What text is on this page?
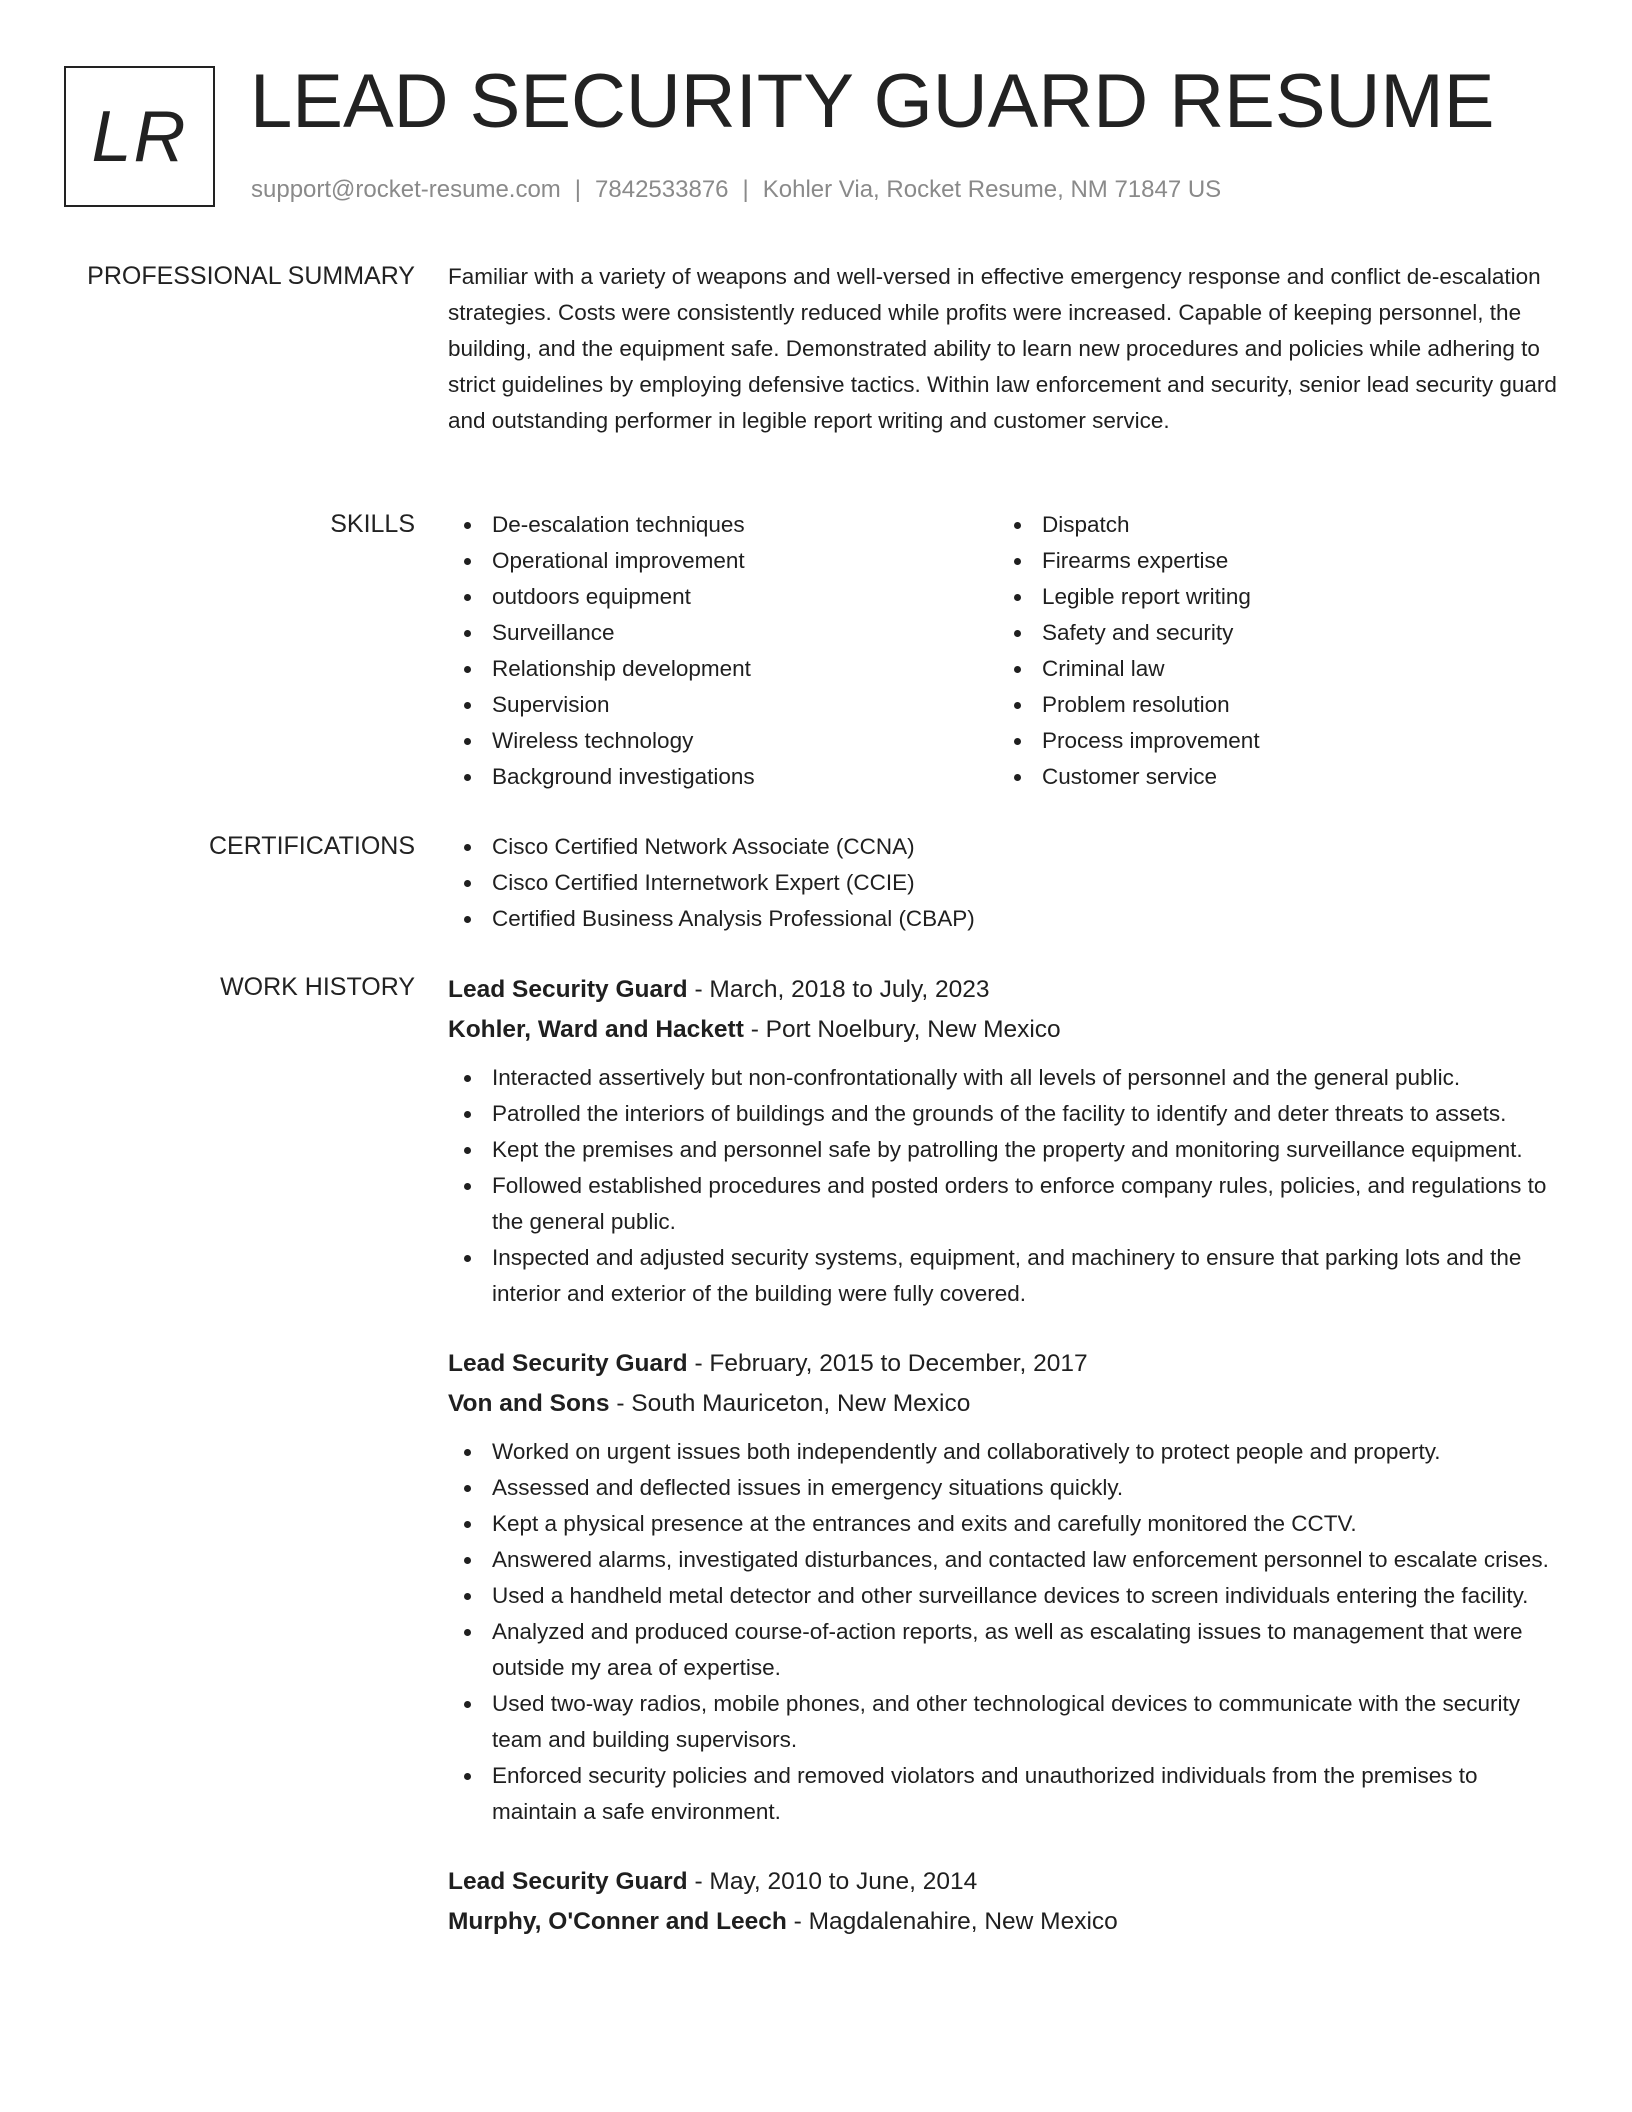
LR LEAD SECURITY GUARD RESUME
support@rocket-resume.com | 7842533876 | Kohler Via, Rocket Resume, NM 71847 US
PROFESSIONAL SUMMARY Familiar with a variety of weapons and well-versed in effective emergency response and conflict de-escalation strategies. Costs were consistently reduced while profits were increased. Capable of keeping personnel, the building, and the equipment safe. Demonstrated ability to learn new procedures and policies while adhering to strict guidelines by employing defensive tactics. Within law enforcement and security, senior lead security guard and outstanding performer in legible report writing and customer service.

SKILLS	De-escalation techniques
Operational improvement
outdoors equipment
Surveillance
Relationship development
Supervision
Wireless technology
Background investigations
Dispatch
Firearms expertise
Legible report writing
Safety and security
Criminal law
Problem resolution
Process improvement
Customer service
CERTIFICATIONS	Cisco Certified Network Associate (CCNA)
Cisco Certified Internetwork Expert (CCIE)
Certified Business Analysis Professional (CBAP)
WORK HISTORY Lead Security Guard - March, 2018 to July, 2023
Kohler, Ward and Hackett - Port Noelbury, New Mexico
Interacted assertively but non-confrontationally with all levels of personnel and the general public.
Patrolled the interiors of buildings and the grounds of the facility to identify and deter threats to assets.
Kept the premises and personnel safe by patrolling the property and monitoring surveillance equipment.
Followed established procedures and posted orders to enforce company rules, policies, and regulations to the general public.
Inspected and adjusted security systems, equipment, and machinery to ensure that parking lots and the interior and exterior of the building were fully covered.
Lead Security Guard - February, 2015 to December, 2017
Von and Sons - South Mauriceton, New Mexico
Worked on urgent issues both independently and collaboratively to protect people and property.
Assessed and deflected issues in emergency situations quickly.
Kept a physical presence at the entrances and exits and carefully monitored the CCTV.
Answered alarms, investigated disturbances, and contacted law enforcement personnel to escalate crises.
Used a handheld metal detector and other surveillance devices to screen individuals entering the facility.
Analyzed and produced course-of-action reports, as well as escalating issues to management that were outside my area of expertise.
Used two-way radios, mobile phones, and other technological devices to communicate with the security team and building supervisors.
Enforced security policies and removed violators and unauthorized individuals from the premises to maintain a safe environment.
Lead Security Guard - May, 2010 to June, 2014
Murphy, O'Conner and Leech - Magdalenahire, New Mexico
